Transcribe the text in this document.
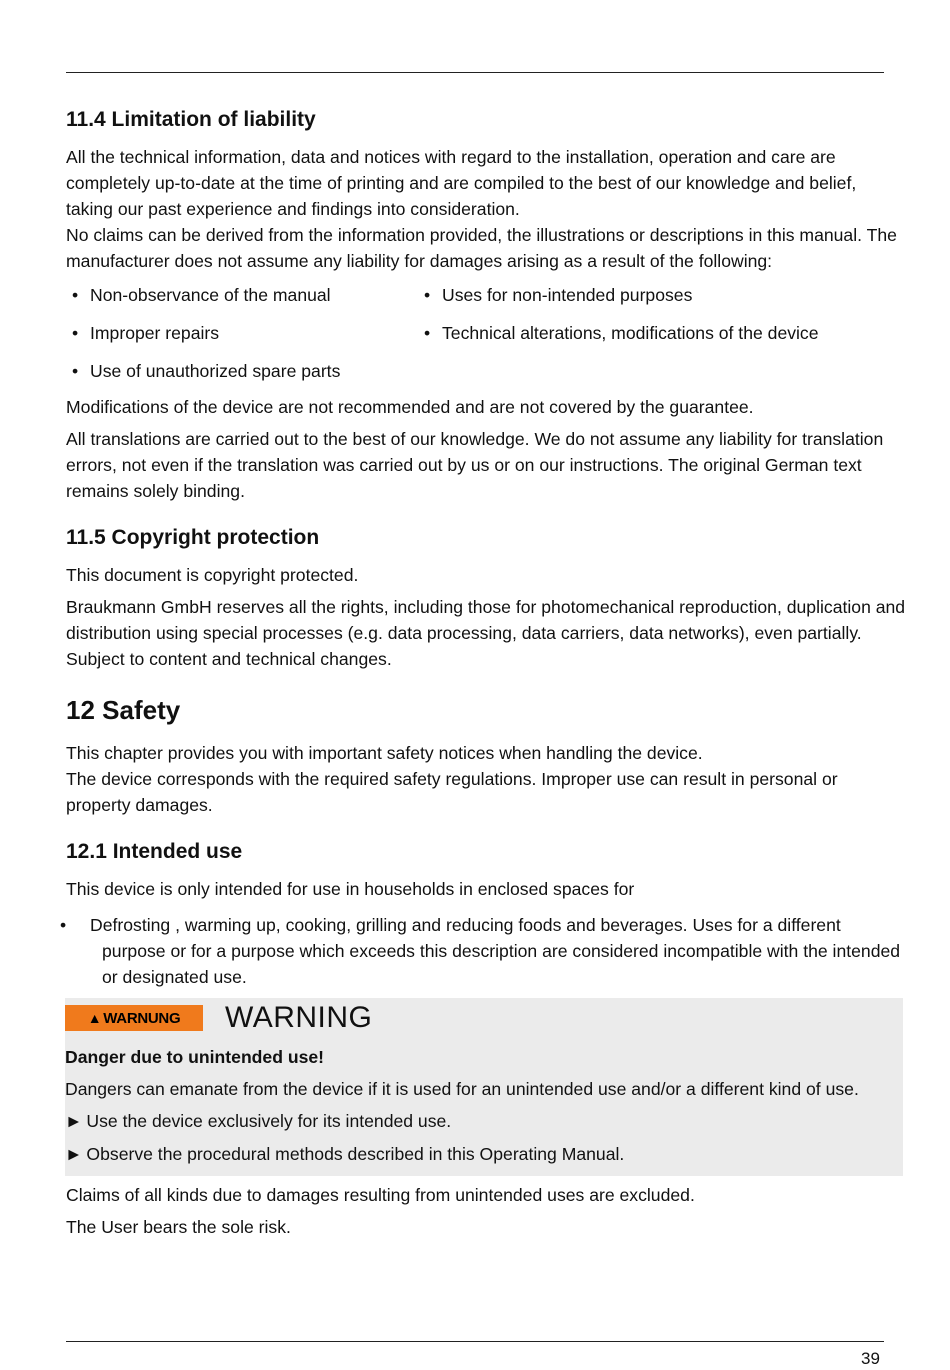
11.4 Limitation of liability

All the technical information, data and notices with regard to the installation, operation and care are completely up-to-date at the time of printing and are compiled to the best of our knowledge and belief, taking our past experience and findings into consideration.

No claims can be derived from the information provided, the illustrations or descriptions in this manual. The manufacturer does not assume any liability for damages arising as a result of the following:

• Non-observance of the manual	• Uses for non-intended purposes
• Improper repairs	• Technical alterations, modifications of the device
• Use of unauthorized spare parts

Modifications of the device are not recommended and are not covered by the guarantee.

All translations are carried out to the best of our knowledge. We do not assume any liability for translation errors, not even if the translation was carried out by us or on our instructions. The original German text remains solely binding.

11.5 Copyright protection

This document is copyright protected.

Braukmann GmbH reserves all the rights, including those for photomechanical reproduction, duplication and distribution using special processes (e.g. data processing, data carriers, data networks), even partially. Subject to content and technical changes.

12 Safety

This chapter provides you with important safety notices when handling the device.

The device corresponds with the required safety regulations. Improper use can result in personal or property damages.

12.1 Intended use

This device is only intended for use in households in enclosed spaces for

• Defrosting , warming up, cooking, grilling and reducing foods and beverages. Uses for a different purpose or for a purpose which exceeds this description are considered incompatible with the intended or designated use.
▲ WARNUNG WARNING

Danger due to unintended use!

Dangers can emanate from the device if it is used for an unintended use and/or a different kind of use.

► Use the device exclusively for its intended use.
► Observe the procedural methods described in this Operating Manual.

Claims of all kinds due to damages resulting from unintended uses are excluded.

The User bears the sole risk.

39
